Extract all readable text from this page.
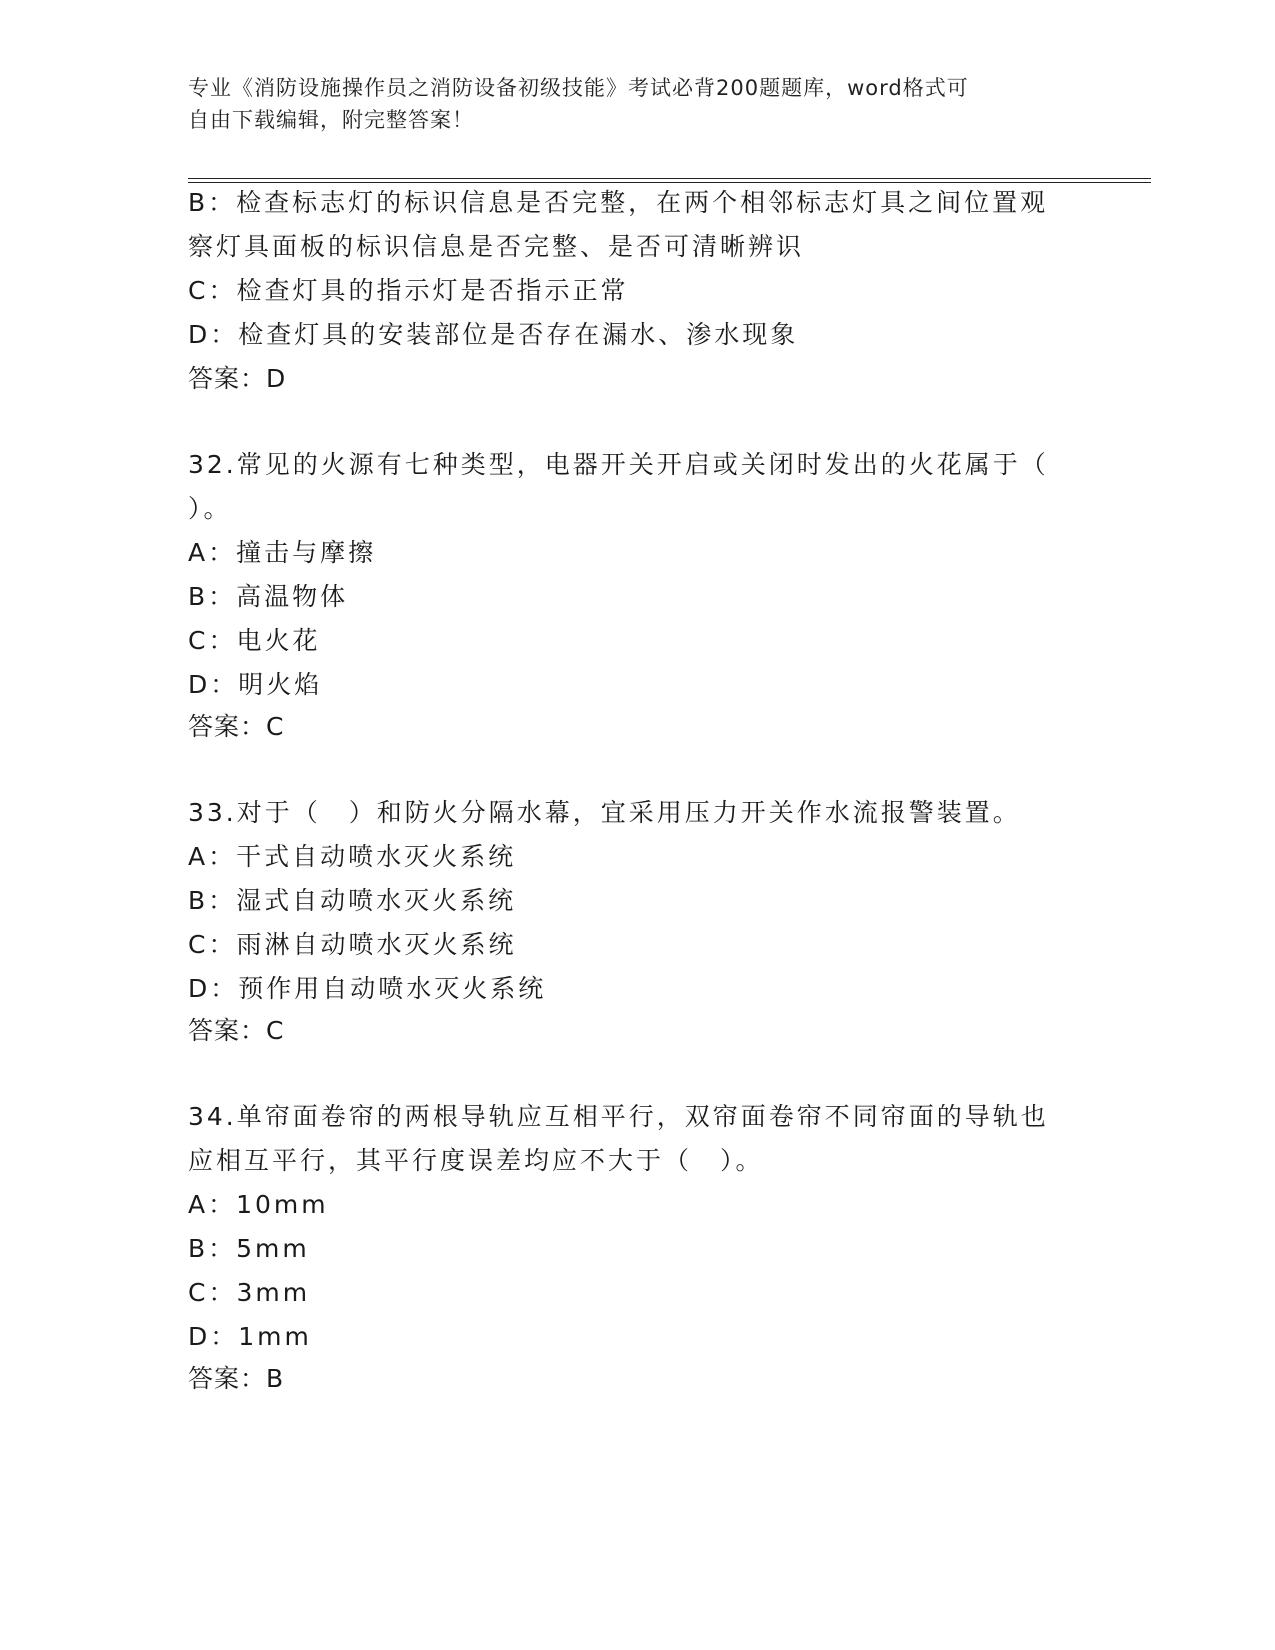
专业《消防设施操作员之消防设备初级技能》考试必背200题题库，word格式可
自由下载编辑，附完整答案！
B：检查标志灯的标识信息是否完整，在两个相邻标志灯具之间位置观
察灯具面板的标识信息是否完整、是否可清晰辨识
C：检查灯具的指示灯是否指示正常
D：检查灯具的安装部位是否存在漏水、渗水现象
答案：D
32.常见的火源有七种类型，电器开关开启或关闭时发出的火花属于（
）。
A：撞击与摩擦
B：高温物体
C：电火花
D：明火焰
答案：C
33.对于（　）和防火分隔水幕，宜采用压力开关作水流报警装置。
A：干式自动喷水灭火系统
B：湿式自动喷水灭火系统
C：雨淋自动喷水灭火系统
D：预作用自动喷水灭火系统
答案：C
34.单帘面卷帘的两根导轨应互相平行，双帘面卷帘不同帘面的导轨也
应相互平行，其平行度误差均应不大于（　）。
A：10mm
B：5mm
C：3mm
D：1mm
答案：B
